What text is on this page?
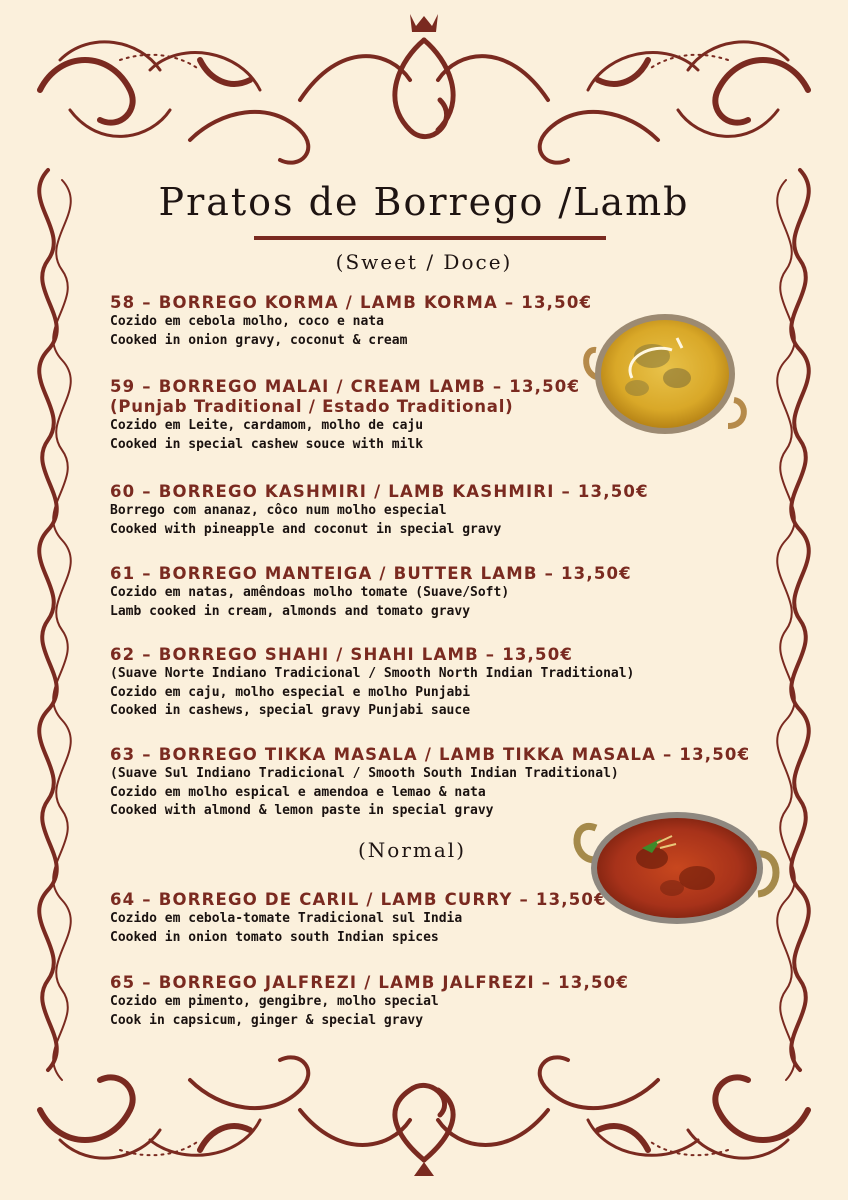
Pratos de Borrego /Lamb
(Sweet / Doce)
58 – BORREGO KORMA / LAMB KORMA – 13,50€
Cozido em cebola molho, coco e nata
Cooked in onion gravy, coconut & cream
59 – BORREGO MALAI / CREAM LAMB – 13,50€
(Punjab Traditional / Estado Traditional)
Cozido em Leite, cardamom, molho de caju
Cooked in special cashew souce with milk
60 – BORREGO KASHMIRI / LAMB KASHMIRI – 13,50€
Borrego com ananaz, côco num molho especial
Cooked with pineapple and coconut in special gravy
61 – BORREGO MANTEIGA / BUTTER LAMB – 13,50€
Cozido em natas, amêndoas molho tomate (Suave/Soft)
Lamb cooked in cream, almonds and tomato gravy
62 – BORREGO SHAHI / SHAHI LAMB – 13,50€
(Suave Norte Indiano Tradicional / Smooth North Indian Traditional)
Cozido em caju, molho especial e molho Punjabi
Cooked in cashews, special gravy Punjabi sauce
63 – BORREGO TIKKA MASALA / LAMB TIKKA MASALA – 13,50€
(Suave Sul Indiano Tradicional / Smooth South Indian Traditional)
Cozido em molho espical e amendoa e lemao & nata
Cooked with almond & lemon paste in special gravy
(Normal)
64 – BORREGO DE CARIL / LAMB CURRY – 13,50€
Cozido em cebola-tomate Tradicional sul India
Cooked in onion tomato south Indian spices
65 – BORREGO JALFREZI / LAMB JALFREZI – 13,50€
Cozido em pimento, gengibre, molho special
Cook in capsicum, ginger & special gravy
